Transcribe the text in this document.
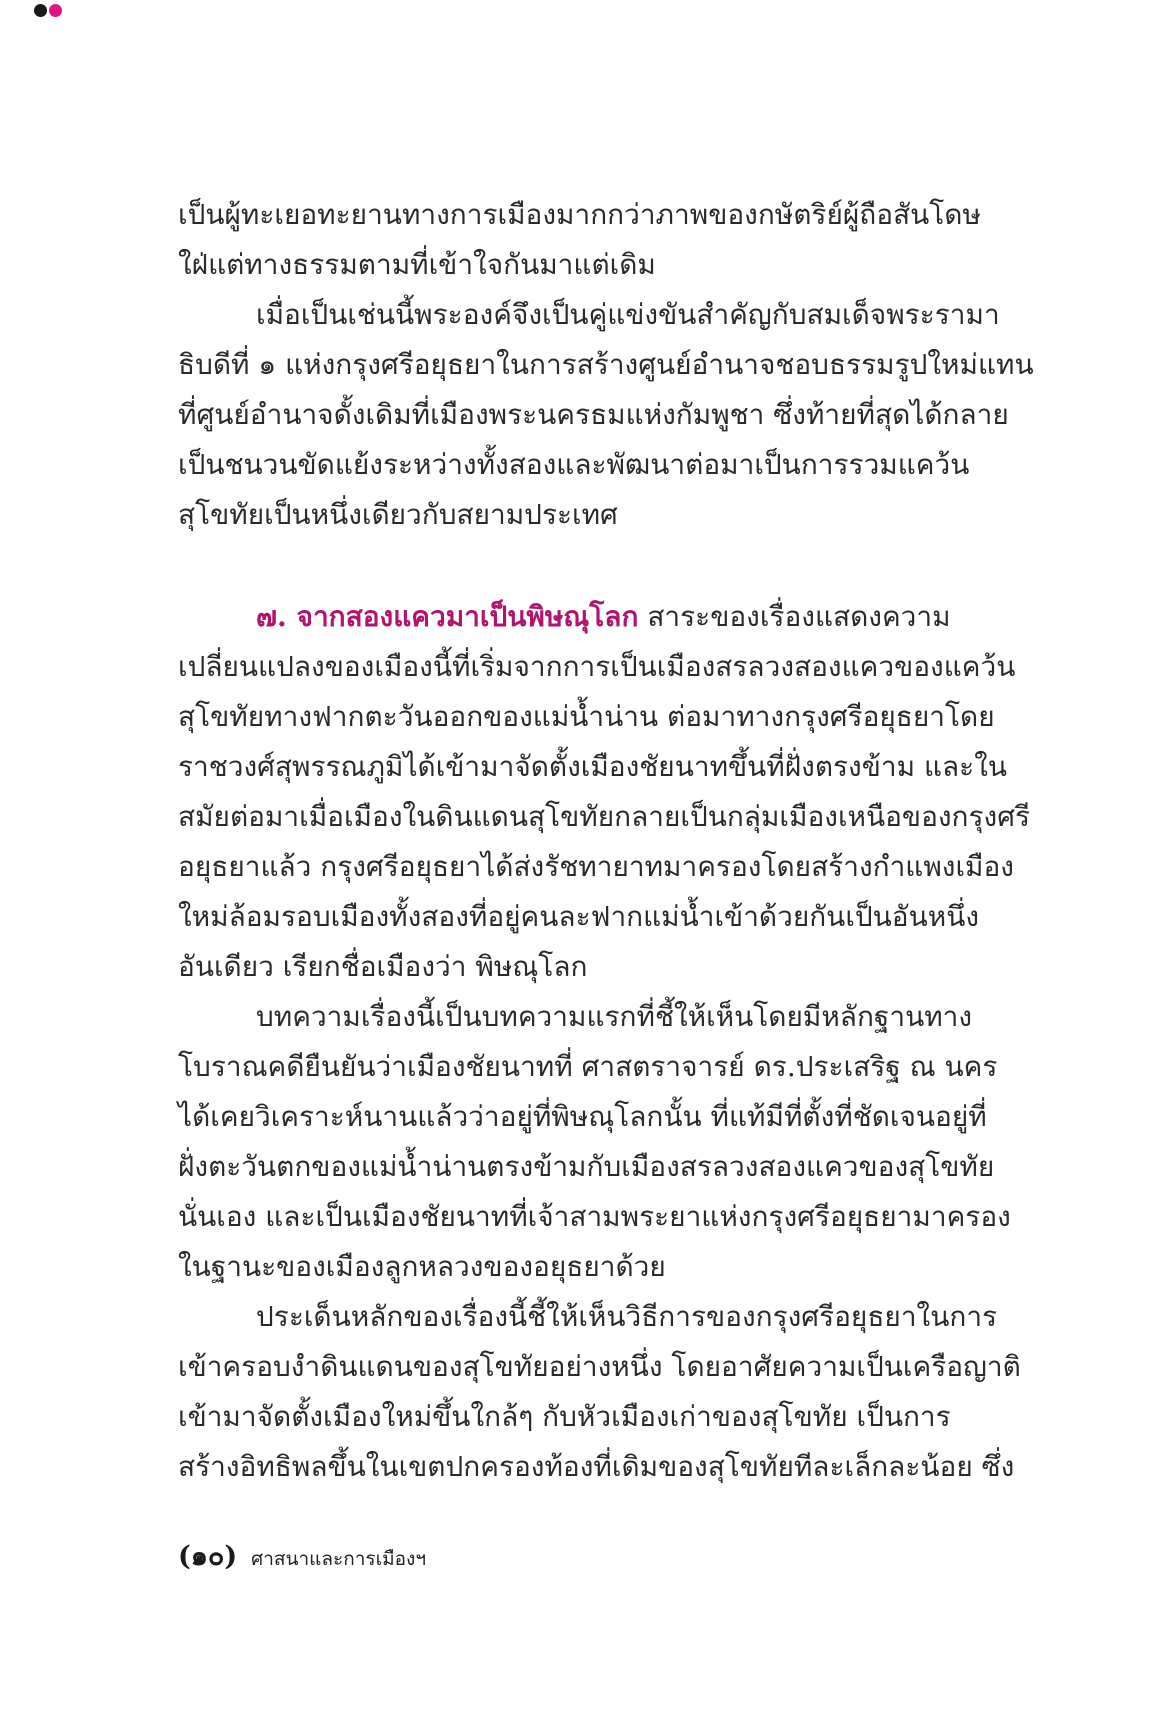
เป็นผู้ทะเยอทะยานทางการเมืองมากกว่าภาพของกษัตริย์ผู้ถือสันโดษ
ใฝ่แต่ทางธรรมตามที่เข้าใจกันมาแต่เดิม
เมื่อเป็นเช่นนี้พระองค์จึงเป็นคู่แข่งขันสำคัญกับสมเด็จพระรามา
ธิบดีที่ ๑ แห่งกรุงศรีอยุธยาในการสร้างศูนย์อำนาจชอบธรรมรูปใหม่แทน
ที่ศูนย์อำนาจดั้งเดิมที่เมืองพระนครธมแห่งกัมพูชา ซึ่งท้ายที่สุดได้กลาย
เป็นชนวนขัดแย้งระหว่างทั้งสองและพัฒนาต่อมาเป็นการรวมแคว้น
สุโขทัยเป็นหนึ่งเดียวกับสยามประเทศ
๗. จากสองแควมาเป็นพิษณุโลก สาระของเรื่องแสดงความ
เปลี่ยนแปลงของเมืองนี้ที่เริ่มจากการเป็นเมืองสรลวงสองแควของแคว้น
สุโขทัยทางฟากตะวันออกของแม่น้ำน่าน ต่อมาทางกรุงศรีอยุธยาโดย
ราชวงศ์สุพรรณภูมิได้เข้ามาจัดตั้งเมืองชัยนาทขึ้นที่ฝั่งตรงข้าม และใน
สมัยต่อมาเมื่อเมืองในดินแดนสุโขทัยกลายเป็นกลุ่มเมืองเหนือของกรุงศรี
อยุธยาแล้ว กรุงศรีอยุธยาได้ส่งรัชทายาทมาครองโดยสร้างกำแพงเมือง
ใหม่ล้อมรอบเมืองทั้งสองที่อยู่คนละฟากแม่น้ำเข้าด้วยกันเป็นอันหนึ่ง
อันเดียว เรียกชื่อเมืองว่า พิษณุโลก
บทความเรื่องนี้เป็นบทความแรกที่ชี้ให้เห็นโดยมีหลักฐานทาง
โบราณคดียืนยันว่าเมืองชัยนาทที่ ศาสตราจารย์ ดร.ประเสริฐ ณ นคร
ได้เคยวิเคราะห์นานแล้วว่าอยู่ที่พิษณุโลกนั้น ที่แท้มีที่ตั้งที่ชัดเจนอยู่ที่
ฝั่งตะวันตกของแม่น้ำน่านตรงข้ามกับเมืองสรลวงสองแควของสุโขทัย
นั่นเอง และเป็นเมืองชัยนาทที่เจ้าสามพระยาแห่งกรุงศรีอยุธยามาครอง
ในฐานะของเมืองลูกหลวงของอยุธยาด้วย
ประเด็นหลักของเรื่องนี้ชี้ให้เห็นวิธีการของกรุงศรีอยุธยาในการ
เข้าครอบงำดินแดนของสุโขทัยอย่างหนึ่ง โดยอาศัยความเป็นเครือญาติ
เข้ามาจัดตั้งเมืองใหม่ขึ้นใกล้ๆ กับหัวเมืองเก่าของสุโขทัย เป็นการ
สร้างอิทธิพลขึ้นในเขตปกครองท้องที่เดิมของสุโขทัยทีละเล็กละน้อย ซึ่ง
(๑๐) ศาสนาและการเมืองฯ
